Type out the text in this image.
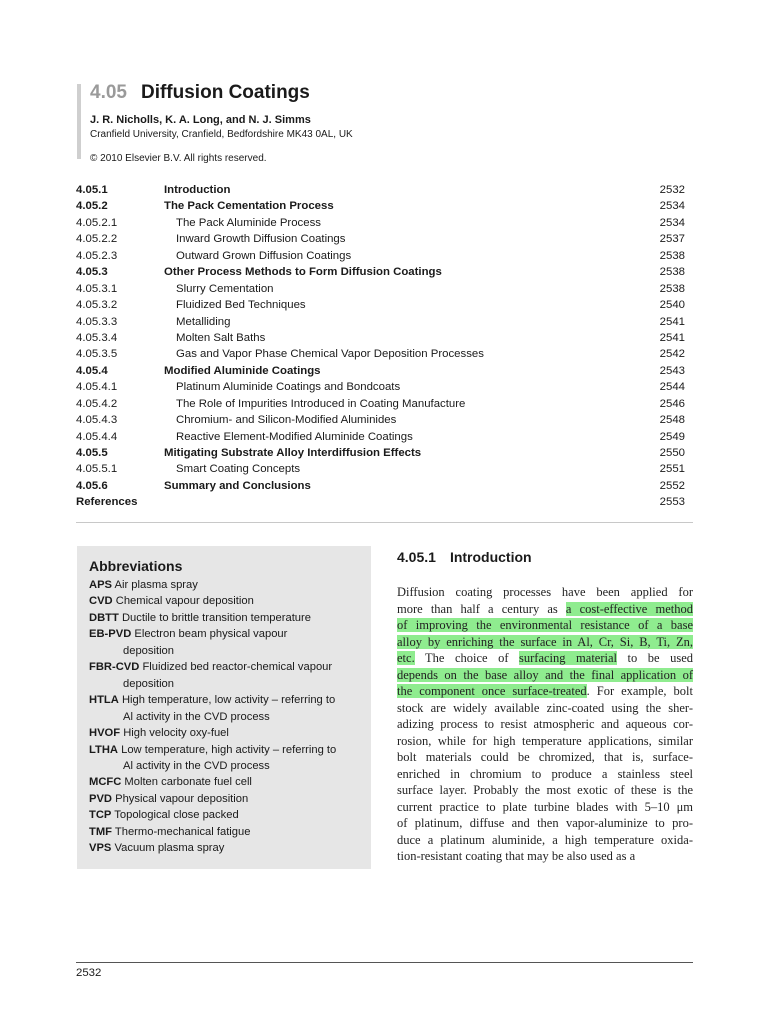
4.05 Diffusion Coatings
J. R. Nicholls, K. A. Long, and N. J. Simms
Cranfield University, Cranfield, Bedfordshire MK43 0AL, UK
© 2010 Elsevier B.V. All rights reserved.
4.05.1	Introduction	2532
4.05.2	The Pack Cementation Process	2534
4.05.2.1	The Pack Aluminide Process	2534
4.05.2.2	Inward Growth Diffusion Coatings	2537
4.05.2.3	Outward Grown Diffusion Coatings	2538
4.05.3	Other Process Methods to Form Diffusion Coatings	2538
4.05.3.1	Slurry Cementation	2538
4.05.3.2	Fluidized Bed Techniques	2540
4.05.3.3	Metalliding	2541
4.05.3.4	Molten Salt Baths	2541
4.05.3.5	Gas and Vapor Phase Chemical Vapor Deposition Processes	2542
4.05.4	Modified Aluminide Coatings	2543
4.05.4.1	Platinum Aluminide Coatings and Bondcoats	2544
4.05.4.2	The Role of Impurities Introduced in Coating Manufacture	2546
4.05.4.3	Chromium- and Silicon-Modified Aluminides	2548
4.05.4.4	Reactive Element-Modified Aluminide Coatings	2549
4.05.5	Mitigating Substrate Alloy Interdiffusion Effects	2550
4.05.5.1	Smart Coating Concepts	2551
4.05.6	Summary and Conclusions	2552
References	2553
Abbreviations
APS Air plasma spray
CVD Chemical vapour deposition
DBTT Ductile to brittle transition temperature
EB-PVD Electron beam physical vapour
deposition
FBR-CVD Fluidized bed reactor-chemical vapour
deposition
HTLA High temperature, low activity – referring to
Al activity in the CVD process
HVOF High velocity oxy-fuel
LTHA Low temperature, high activity – referring to
Al activity in the CVD process
MCFC Molten carbonate fuel cell
PVD Physical vapour deposition
TCP Topological close packed
TMF Thermo-mechanical fatigue
VPS Vacuum plasma spray
4.05.1 Introduction
Diffusion coating processes have been applied for
more than half a century as a cost-effective method
of improving the environmental resistance of a base
alloy by enriching the surface in Al, Cr, Si, B, Ti, Zn,
etc. The choice of surfacing material to be used
depends on the base alloy and the final application of
the component once surface-treated. For example, bolt
stock are widely available zinc-coated using the sher-
adizing process to resist atmospheric and aqueous cor-
rosion, while for high temperature applications, similar
bolt materials could be chromized, that is, surface-
enriched in chromium to produce a stainless steel
surface layer. Probably the most exotic of these is the
current practice to plate turbine blades with 5–10 μm
of platinum, diffuse and then vapor-aluminize to pro-
duce a platinum aluminide, a high temperature oxida-
tion-resistant coating that may be also used as a
2532
